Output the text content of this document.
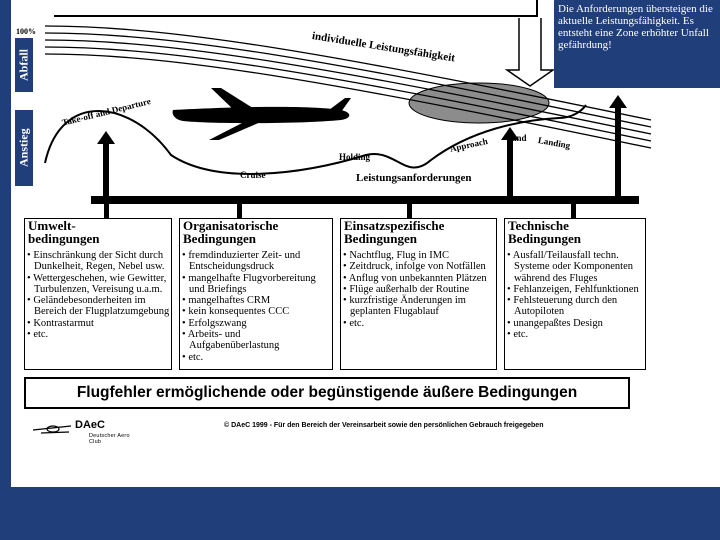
Abfall
Anstieg
100%	individuelle Leistungsfähigkeit
Take-off and Departure
Cruise
Holding
Approach	and Landing
Leistungsanforderungen
Die Anforderungen übersteigen die aktuelle Leistungsfähigkeit. Es entsteht eine Zone erhöhter Unfall gefährdung!
Umwelt-
bedingungen
• Einschränkung der Sicht durch Dunkelheit, Regen, Nebel usw.
• Wettergeschehen, wie Gewitter, Turbulenzen, Vereisung u.a.m.
• Geländebesonderheiten im Bereich der Flugplatzumgebung
• Kontrastarmut
• etc.
Organisatorische
Bedingungen
• fremdinduzierter Zeit- und Entscheidungsdruck
• mangelhafte Flugvorbereitung und Briefings
• mangelhaftes CRM
• kein konsequentes CCC
• Erfolgszwang
• Arbeits- und Aufgabenüberlastung
• etc.
Einsatzspezifische
Bedingungen
• Nachtflug, Flug in IMC
• Zeitdruck, infolge von Notfällen
• Anflug von unbekannten Plätzen
• Flüge außerhalb der Routine
• kurzfristige Änderungen im geplanten Flugablauf
• etc.
Technische
Bedingungen
• Ausfall/Teilausfall techn. Systeme oder Komponenten während des Fluges
• Fehlanzeigen, Fehlfunktionen
• Fehlsteuerung durch den Autopiloten
• unangepaßtes Design
• etc.
Flugfehler ermöglichende oder begünstigende äußere Bedingungen
DAeC
Deutscher Aero Club
© DAeC 1999 - Für den Bereich der Vereinsarbeit sowie den persönlichen Gebrauch freigegeben
